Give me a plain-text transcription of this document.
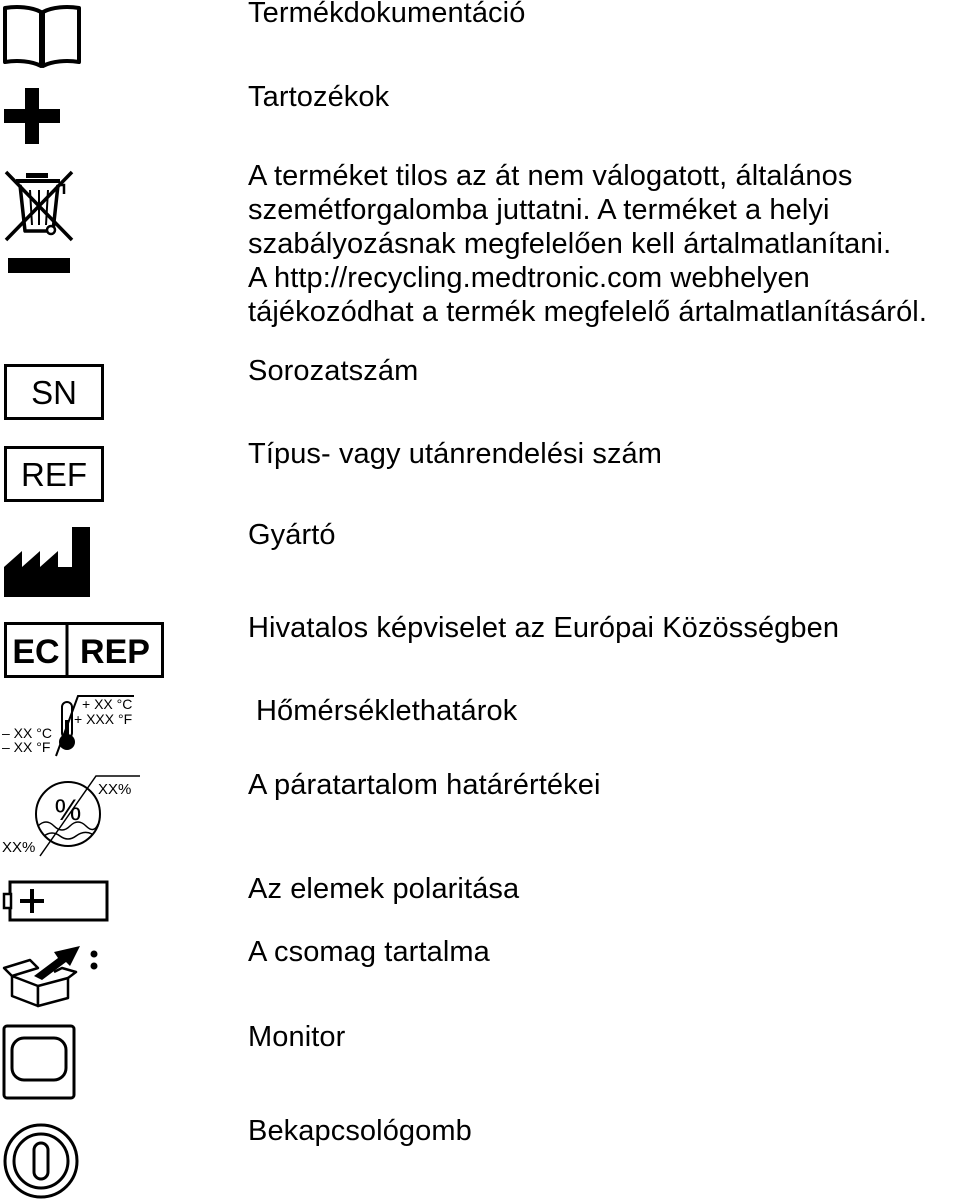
Termékdokumentáció
Tartozékok
A terméket tilos az át nem válogatott, általános
szemétforgalomba juttatni. A terméket a helyi
szabályozásnak megfelelően kell ártalmatlanítani.
A http://recycling.medtronic.com webhelyen
tájékozódhat a termék megfelelő ártalmatlanításáról.
SN
Sorozatszám
REF
Típus- vagy utánrendelési szám
Gyártó
EC REP
Hivatalos képviselet az Európai Közösségben
+ XX °C
+ XXX °F
– XX °C
– XX °F
Hőmérséklethatárok
%
XX%
XX%
A páratartalom határértékei
Az elemek polaritása
A csomag tartalma
Monitor
Bekapcsológomb
